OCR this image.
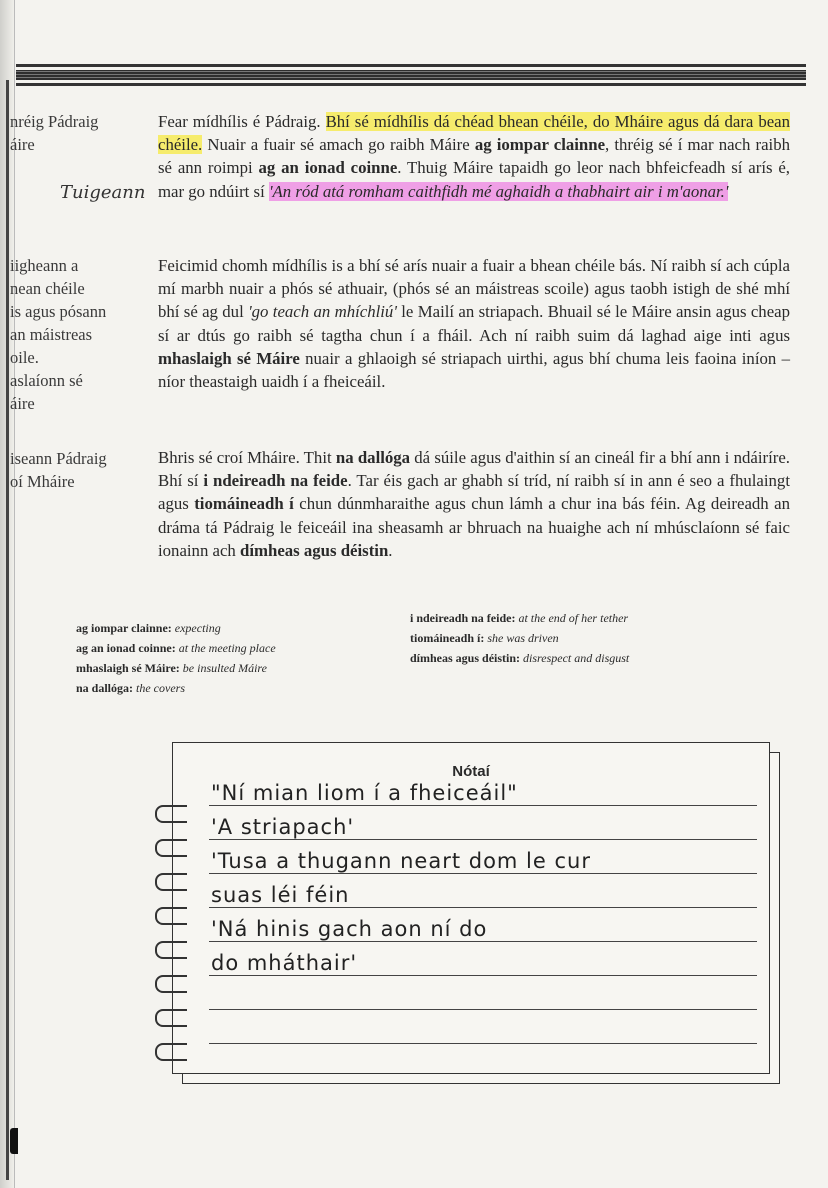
nréig Pádraig
áire
iigheann a
nean chéile
is agus pósann
an máistreas
oile.
aslaíonn sé
áire
iseann Pádraig
oí Mháire
Tuigeann
Fear mídhílis é Pádraig. Bhí sé mídhílis dá chéad bhean chéile, do Mháire agus dá dara bean chéile. Nuair a fuair sé amach go raibh Máire ag iompar clainne, thréig sé í mar nach raibh sé ann roimpi ag an ionad coinne. Thuig Máire tapaidh go leor nach bhfeicfeadh sí arís é, mar go ndúirt sí 'An ród atá romham caithfidh mé aghaidh a thabhairt air i m'aonar.'
Feicimid chomh mídhílis is a bhí sé arís nuair a fuair a bhean chéile bás. Ní raibh sí ach cúpla mí marbh nuair a phós sé athuair, (phós sé an máistreas scoile) agus taobh istigh de shé mhí bhí sé ag dul 'go teach an mhíchliú' le Mailí an striapach. Bhuail sé le Máire ansin agus cheap sí ar dtús go raibh sé tagtha chun í a fháil. Ach ní raibh suim dá laghad aige inti agus mhaslaigh sé Máire nuair a ghlaoigh sé striapach uirthi, agus bhí chuma leis faoina iníon – níor theastaigh uaidh í a fheiceáil.
Bhris sé croí Mháire. Thit na dallóga dá súile agus d'aithin sí an cineál fir a bhí ann i ndáiríre. Bhí sí i ndeireadh na feide. Tar éis gach ar ghabh sí tríd, ní raibh sí in ann é seo a fhulaingt agus tiomáineadh í chun dúnmharaithe agus chun lámh a chur ina bás féin. Ag deireadh an dráma tá Pádraig le feiceáil ina sheasamh ar bhruach na huaighe ach ní mhúsclaíonn sé faic ionainn ach dímheas agus déistin.
ag iompar clainne: expecting
ag an ionad coinne: at the meeting place
mhaslaigh sé Máire: be insulted Máire
na dallóga: the covers
i ndeireadh na feide: at the end of her tether
tiomáineadh í: she was driven
dímheas agus déistin: disrespect and disgust
Nótaí
"Ní mian liom í a fheiceáil"
'A striapach'
'Tusa a thugann neart dom le cur
suas léi féin
'Ná hinis gach aon ní do
do mháthair'
